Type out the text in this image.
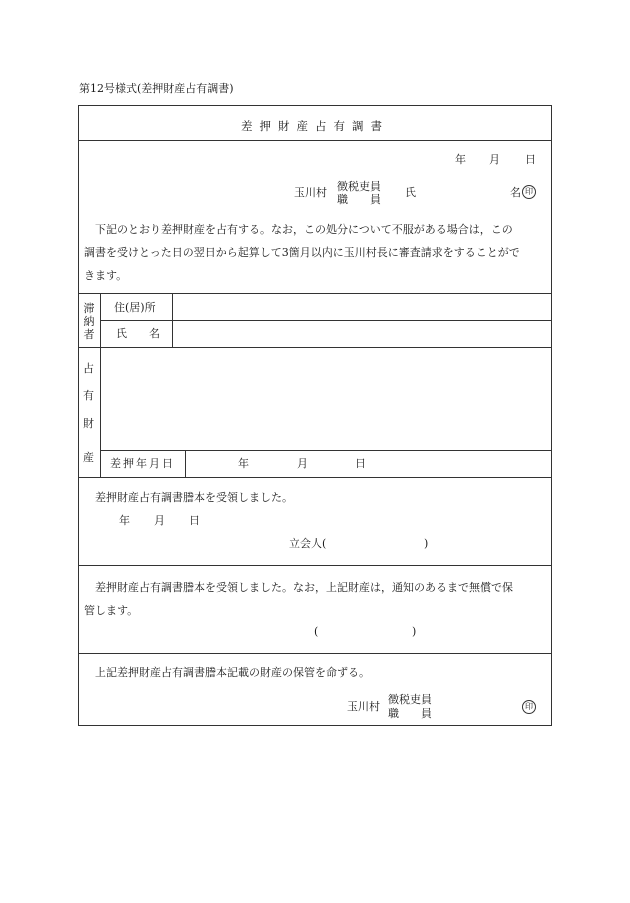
第12号様式(差押財産占有調書)
差押財産占有調書
年 月 日
玉川村 徴税吏員
職　　員
氏	名 印
下記のとおり差押財産を占有する。なお，この処分について不服がある場合は，この
調書を受けとった日の翌日から起算して3箇月以内に玉川村長に審査請求をすることがで
きます。
滞
納
者
住(居)所
氏　　名
占
有
財
産 差押年月日	年	月	日
差押財産占有調書謄本を受領しました。
年 月 日
立会人(	)
差押財産占有調書謄本を受領しました。なお，上記財産は，通知のあるまで無償で保
管します。
(	)
上記差押財産占有調書謄本記載の財産の保管を命ずる。
玉川村
徴税吏員
職　　員
印
